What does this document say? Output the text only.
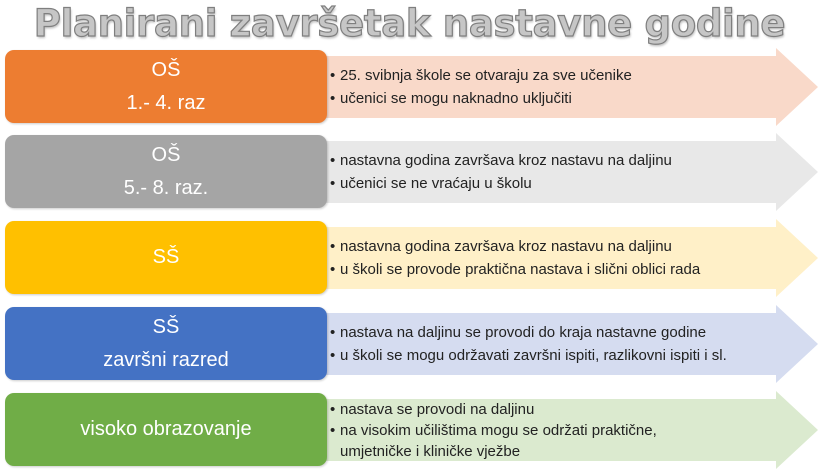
Planirani završetak nastavne godine
OŠ
1.- 4. raz
• 25. svibnja škole se otvaraju za sve učenike
• učenici se mogu naknadno uključiti
OŠ
5.- 8. raz.
• nastavna godina završava kroz nastavu na daljinu
• učenici se ne vraćaju u školu
SŠ	• nastavna godina završava kroz nastavu na daljinu
• u školi se provode praktična nastava i slični oblici rada
SŠ
završni razred
• nastava na daljinu se provodi do kraja nastavne godine
• u školi se mogu održavati završni ispiti, razlikovni ispiti i sl.
visoko obrazovanje
• nastava se provodi na daljinu
• na visokim učilištima mogu se održati praktične, umjetničke i kliničke vježbe
